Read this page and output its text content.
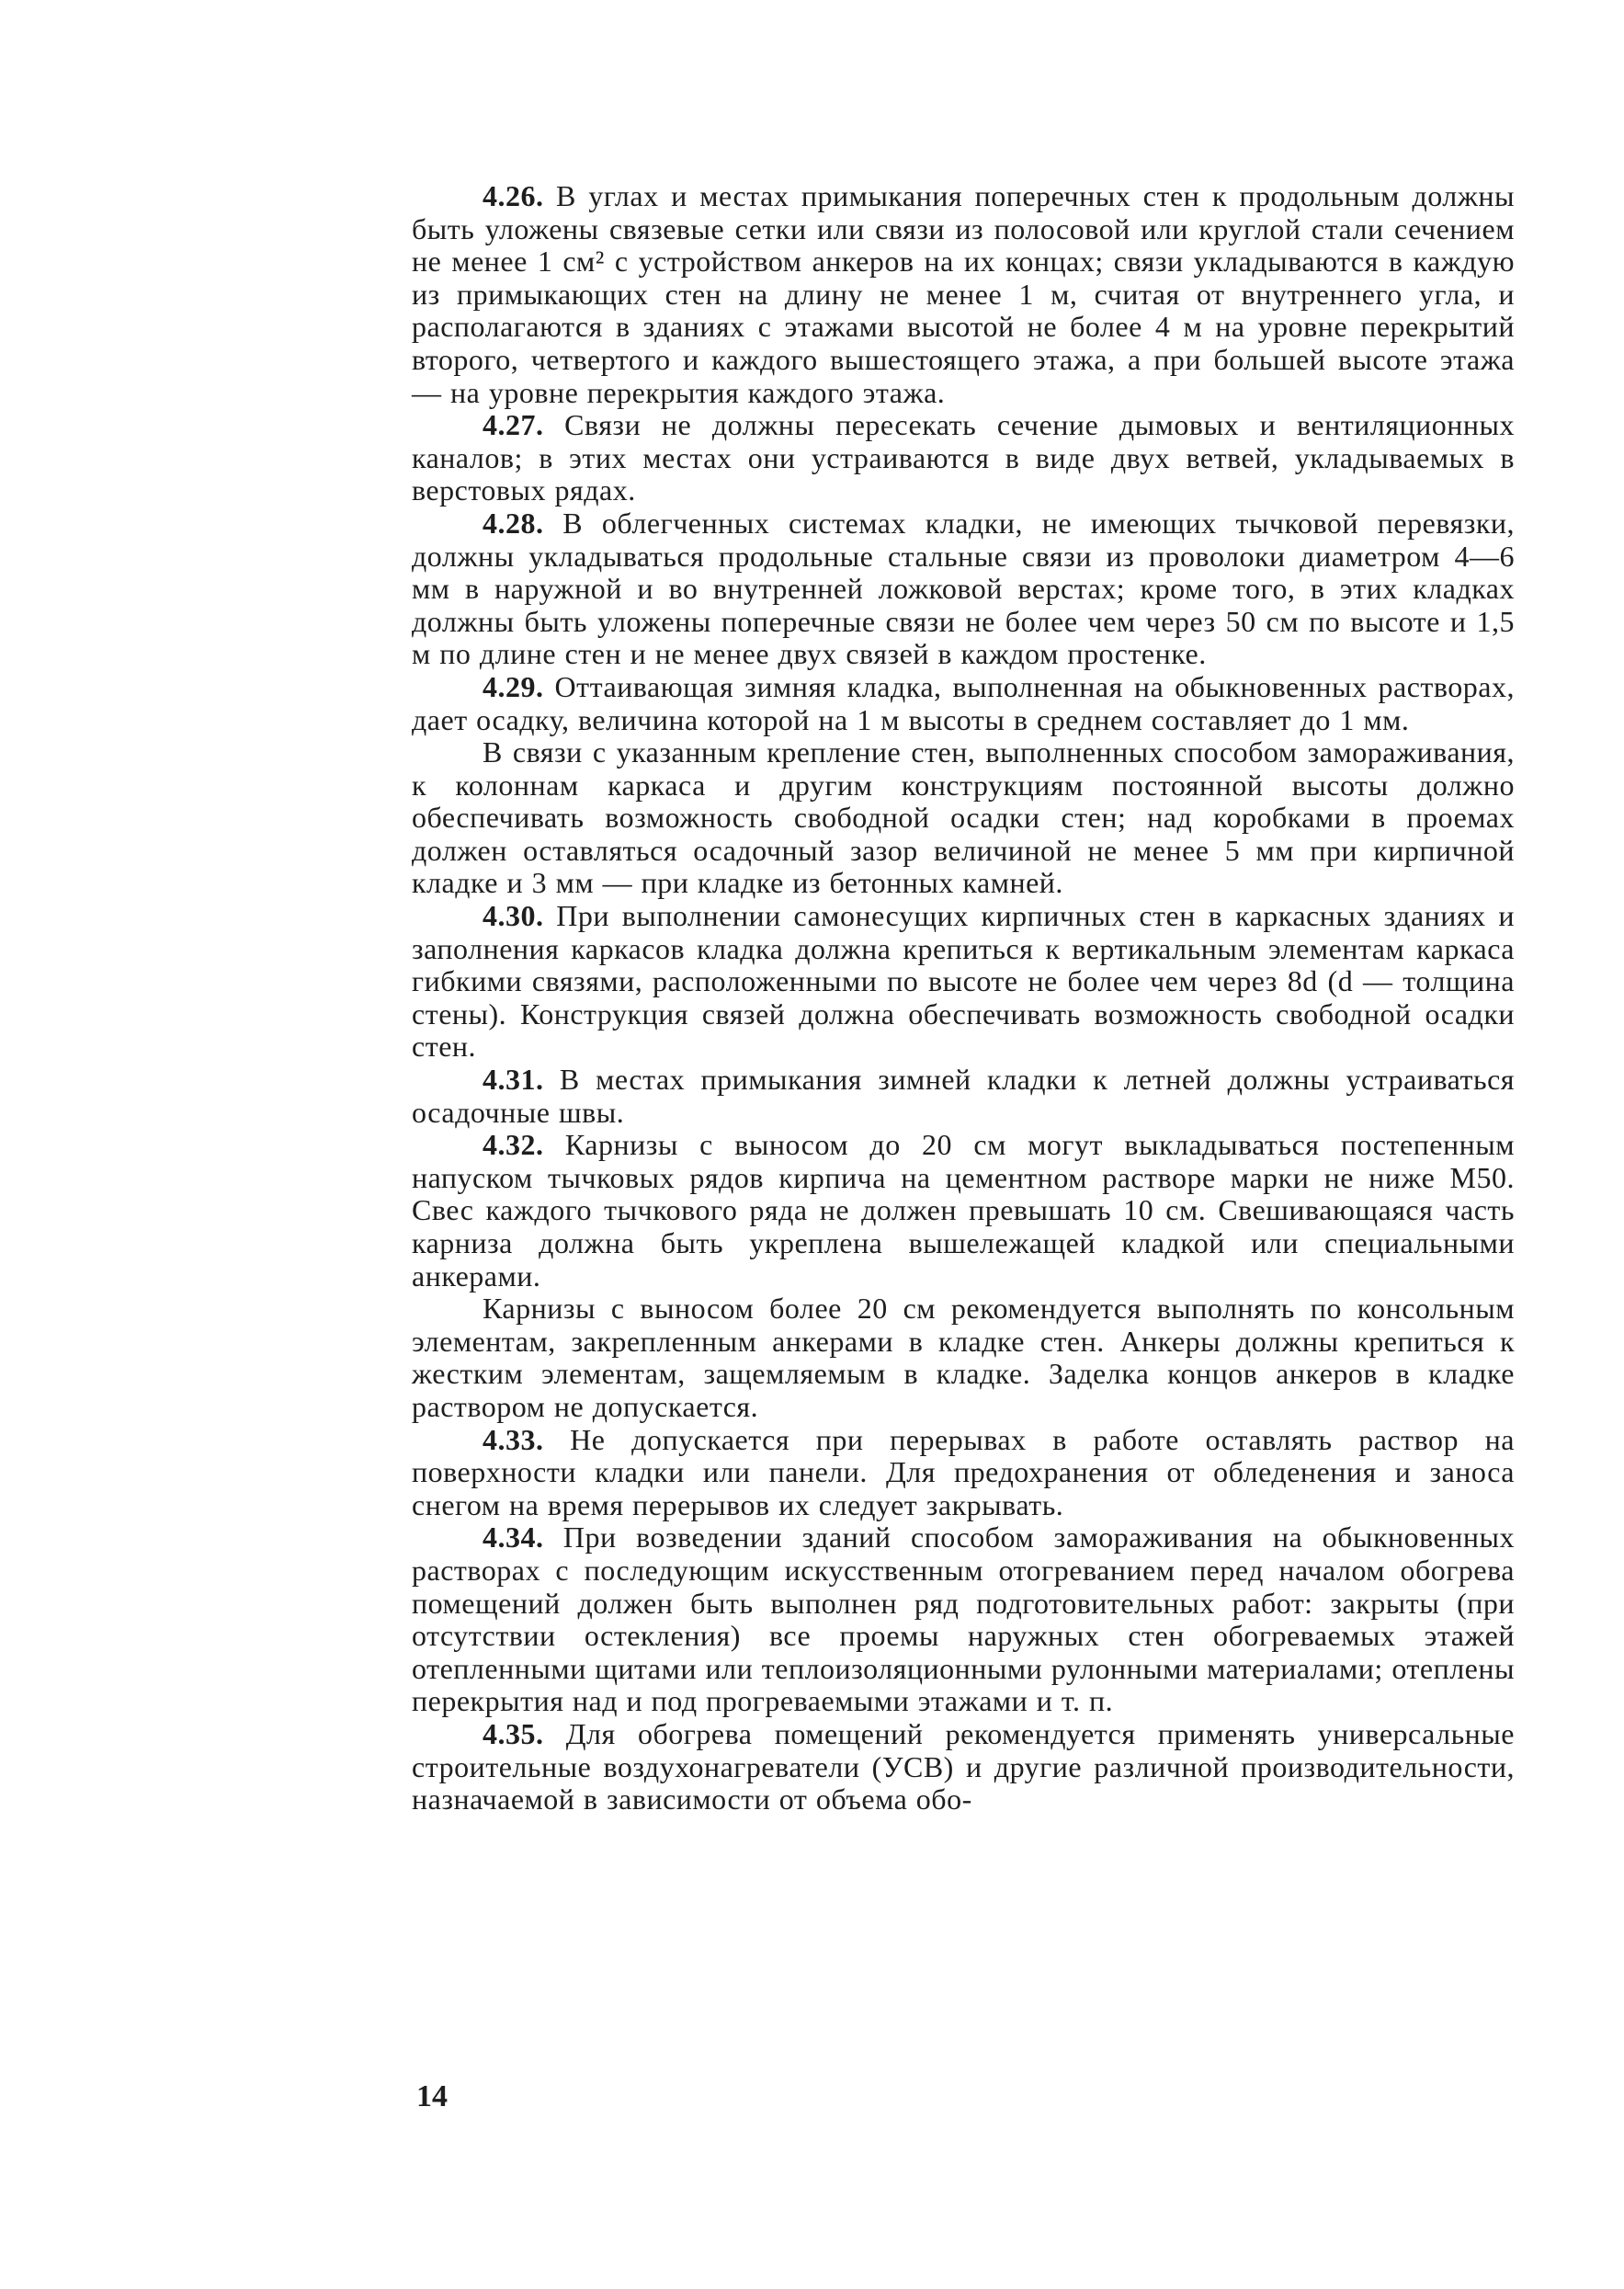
4.26. В углах и местах примыкания поперечных стен к продольным должны быть уложены связевые сетки или связи из полосовой или круглой стали сечением не менее 1 см² с устройством анкеров на их концах; связи укладываются в каждую из примыкающих стен на длину не менее 1 м, считая от внутреннего угла, и располагаются в зданиях с этажами высотой не более 4 м на уровне перекрытий второго, четвертого и каждого вышестоящего этажа, а при большей высоте этажа — на уровне перекрытия каждого этажа.

4.27. Связи не должны пересекать сечение дымовых и вентиляционных каналов; в этих местах они устраиваются в виде двух ветвей, укладываемых в верстовых рядах.

4.28. В облегченных системах кладки, не имеющих тычковой перевязки, должны укладываться продольные стальные связи из проволоки диаметром 4—6 мм в наружной и во внутренней ложковой верстах; кроме того, в этих кладках должны быть уложены поперечные связи не более чем через 50 см по высоте и 1,5 м по длине стен и не менее двух связей в каждом простенке.

4.29. Оттаивающая зимняя кладка, выполненная на обыкновенных растворах, дает осадку, величина которой на 1 м высоты в среднем составляет до 1 мм.

В связи с указанным крепление стен, выполненных способом замораживания, к колоннам каркаса и другим конструкциям постоянной высоты должно обеспечивать возможность свободной осадки стен; над коробками в проемах должен оставляться осадочный зазор величиной не менее 5 мм при кирпичной кладке и 3 мм — при кладке из бетонных камней.

4.30. При выполнении самонесущих кирпичных стен в каркасных зданиях и заполнения каркасов кладка должна крепиться к вертикальным элементам каркаса гибкими связями, расположенными по высоте не более чем через 8d (d — толщина стены). Конструкция связей должна обеспечивать возможность свободной осадки стен.

4.31. В местах примыкания зимней кладки к летней должны устраиваться осадочные швы.

4.32. Карнизы с выносом до 20 см могут выкладываться постепенным напуском тычковых рядов кирпича на цементном растворе марки не ниже М50. Свес каждого тычкового ряда не должен превышать 10 см. Свешивающаяся часть карниза должна быть укреплена вышележащей кладкой или специальными анкерами.

Карнизы с выносом более 20 см рекомендуется выполнять по консольным элементам, закрепленным анкерами в кладке стен. Анкеры должны крепиться к жестким элементам, защемляемым в кладке. Заделка концов анкеров в кладке раствором не допускается.

4.33. Не допускается при перерывах в работе оставлять раствор на поверхности кладки или панели. Для предохранения от обледенения и заноса снегом на время перерывов их следует закрывать.

4.34. При возведении зданий способом замораживания на обыкновенных растворах с последующим искусственным отогреванием перед началом обогрева помещений должен быть выполнен ряд подготовительных работ: закрыты (при отсутствии остекления) все проемы наружных стен обогреваемых этажей отепленными щитами или теплоизоляционными рулонными материалами; отеплены перекрытия над и под прогреваемыми этажами и т. п.

4.35. Для обогрева помещений рекомендуется применять универсальные строительные воздухонагреватели (УСВ) и другие различной производительности, назначаемой в зависимости от объема обо-

14
